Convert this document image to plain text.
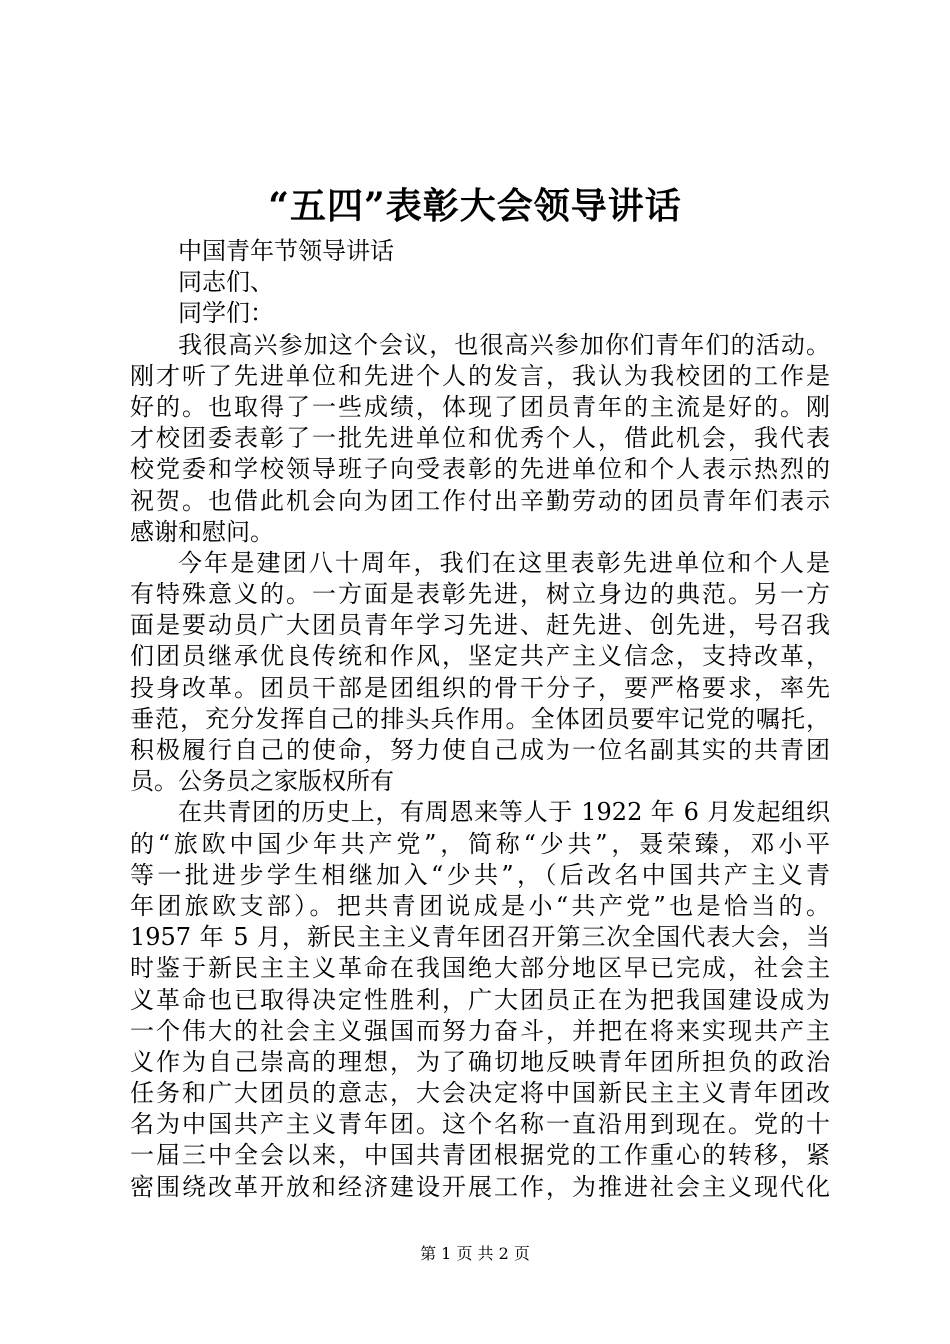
“五四”表彰大会领导讲话
中国青年节领导讲话
同志们、
同学们：
我很高兴参加这个会议，也很高兴参加你们青年们的活动。
刚才听了先进单位和先进个人的发言，我认为我校团的工作是
好的。也取得了一些成绩，体现了团员青年的主流是好的。刚
才校团委表彰了一批先进单位和优秀个人，借此机会，我代表
校党委和学校领导班子向受表彰的先进单位和个人表示热烈的
祝贺。也借此机会向为团工作付出辛勤劳动的团员青年们表示
感谢和慰问。
今年是建团八十周年，我们在这里表彰先进单位和个人是
有特殊意义的。一方面是表彰先进，树立身边的典范。另一方
面是要动员广大团员青年学习先进、赶先进、创先进，号召我
们团员继承优良传统和作风，坚定共产主义信念，支持改革，
投身改革。团员干部是团组织的骨干分子，要严格要求，率先
垂范，充分发挥自己的排头兵作用。全体团员要牢记党的嘱托，
积极履行自己的使命，努力使自己成为一位名副其实的共青团
员。公务员之家版权所有
在共青团的历史上，有周恩来等人于 1922 年 6 月发起组织
的“旅欧中国少年共产党”，简称“少共”，聂荣臻，邓小平
等一批进步学生相继加入“少共”，（后改名中国共产主义青
年团旅欧支部）。把共青团说成是小“共产党”也是恰当的。
1957 年 5 月，新民主主义青年团召开第三次全国代表大会，当
时鉴于新民主主义革命在我国绝大部分地区早已完成，社会主
义革命也已取得决定性胜利，广大团员正在为把我国建设成为
一个伟大的社会主义强国而努力奋斗，并把在将来实现共产主
义作为自己崇高的理想，为了确切地反映青年团所担负的政治
任务和广大团员的意志，大会决定将中国新民主主义青年团改
名为中国共产主义青年团。这个名称一直沿用到现在。党的十
一届三中全会以来，中国共青团根据党的工作重心的转移，紧
密围绕改革开放和经济建设开展工作，为推进社会主义现代化
第 1 页 共 2 页
